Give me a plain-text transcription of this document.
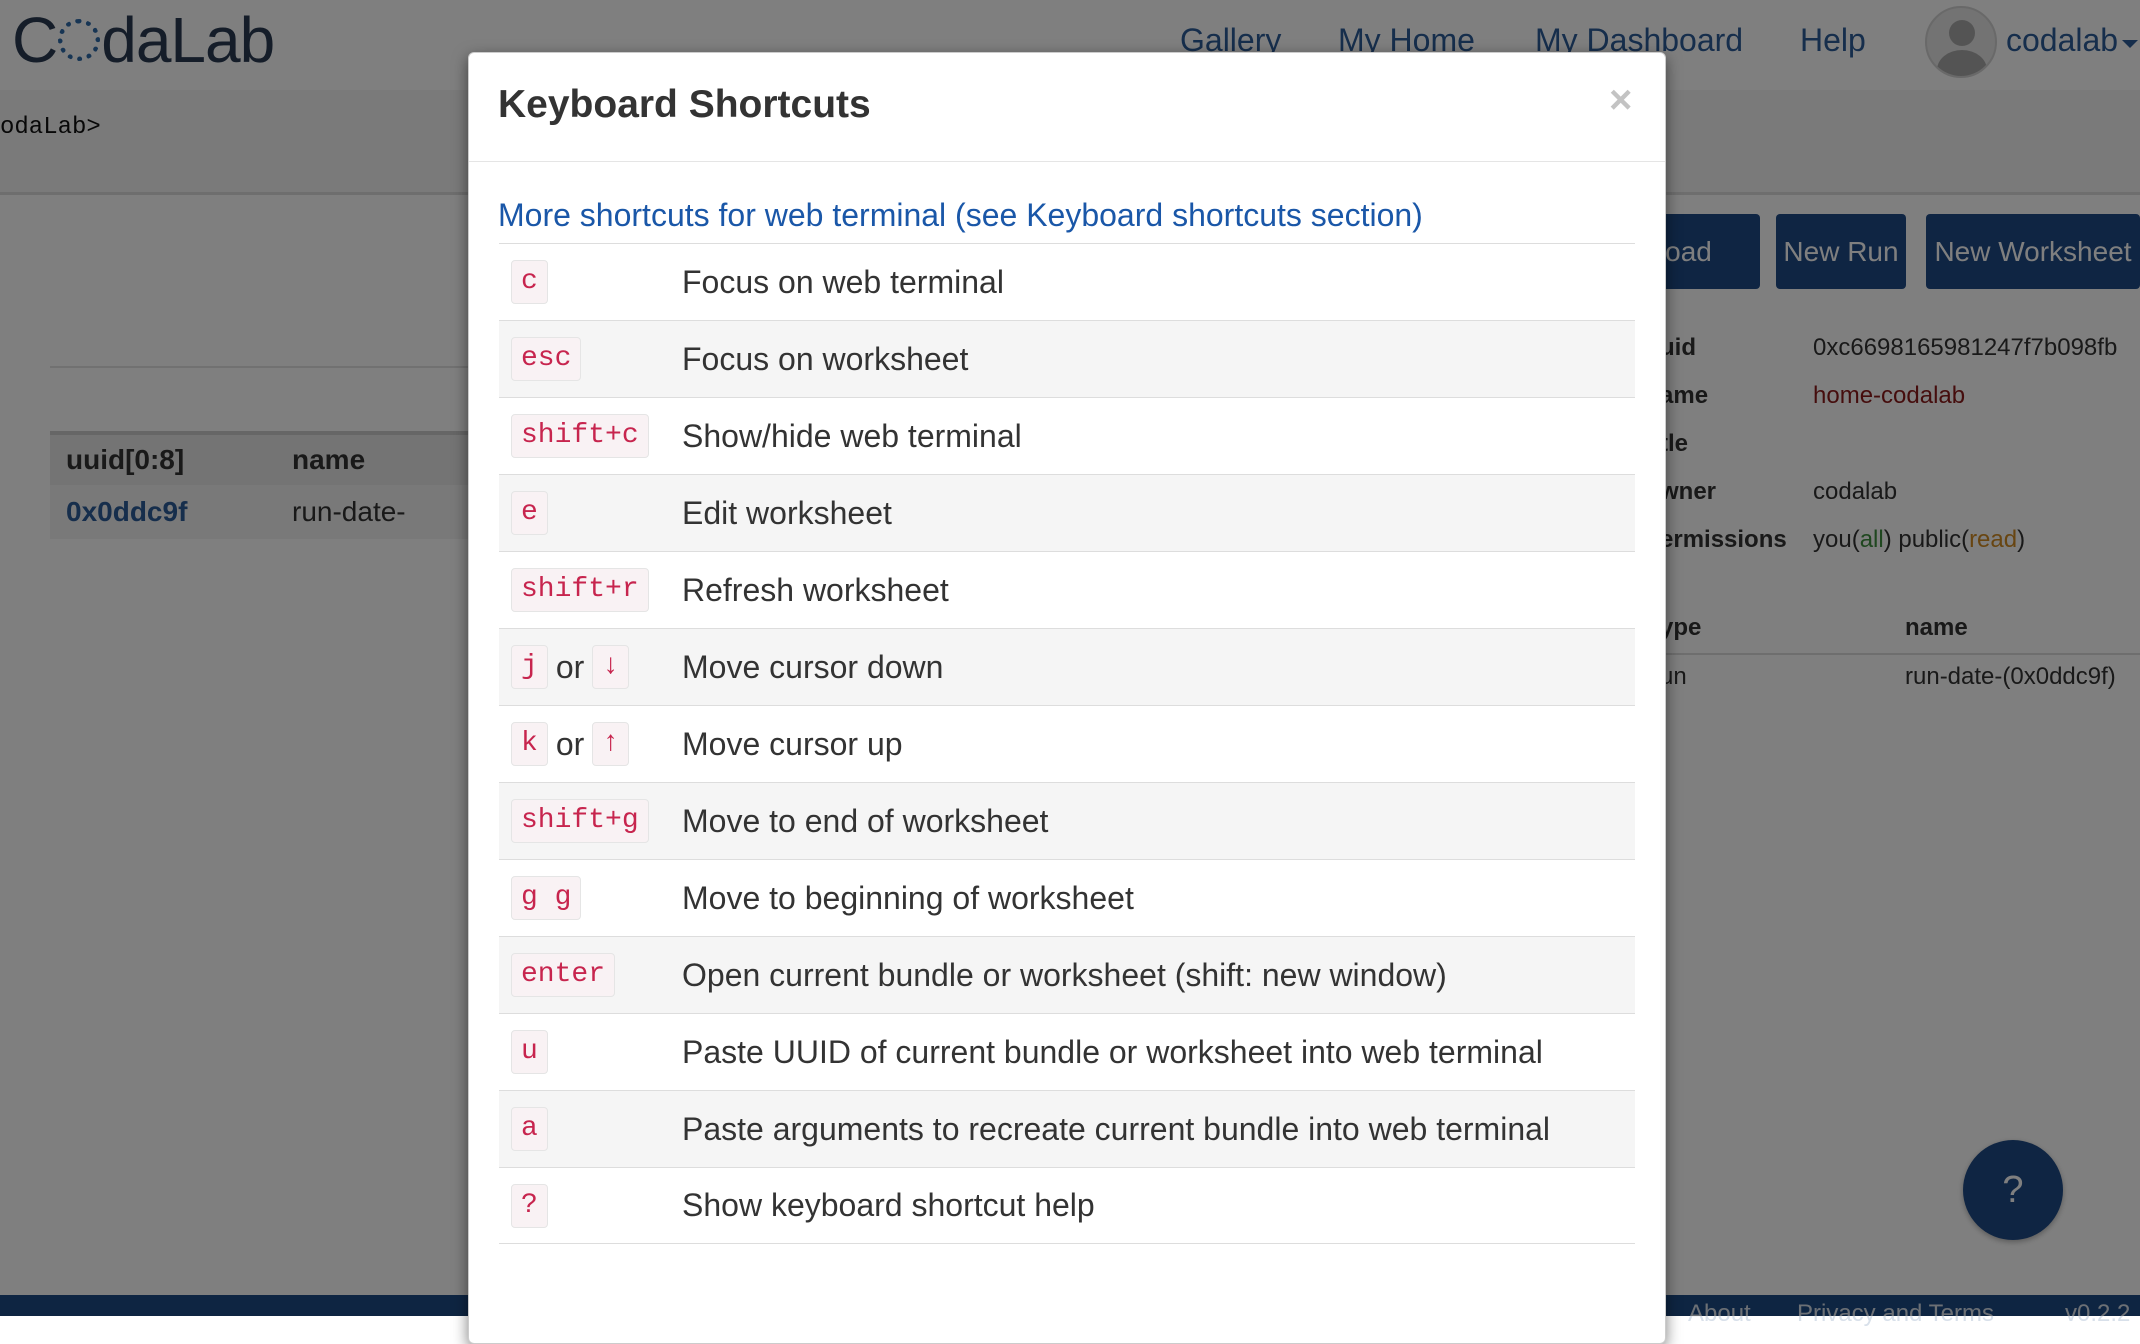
Keyboard Shortcuts	×
More shortcuts for web terminal (see Keyboard shortcuts section)
c	Focus on web terminal
esc	Focus on worksheet
shift+c	Show/hide web terminal
e	Edit worksheet
shift+r	Refresh worksheet
j or ↓	Move cursor down
k or ↑	Move cursor up
shift+g	Move to end of worksheet
g g	Move to beginning of worksheet
enter	Open current bundle or worksheet (shift: new window)
u	Paste UUID of current bundle or worksheet into web terminal
a	Paste arguments to recreate current bundle into web terminal
?	Show keyboard shortcut help
